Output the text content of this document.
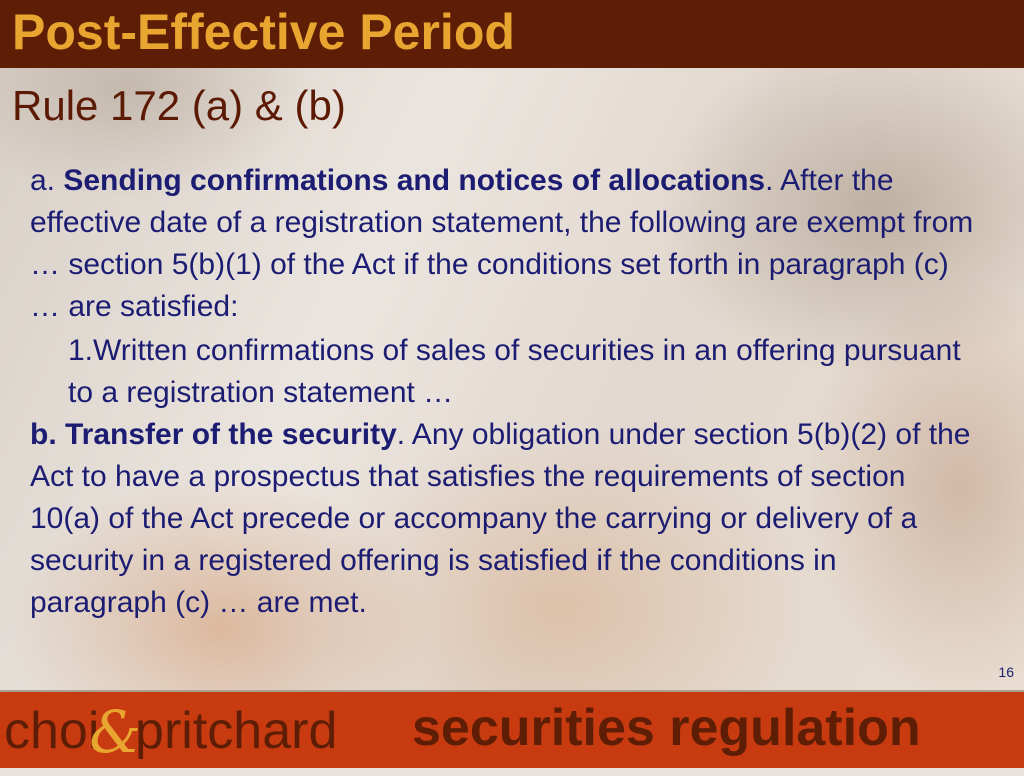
Post-Effective Period
Rule 172 (a) & (b)

a. Sending confirmations and notices of allocations. After the effective date of a registration statement, the following are exempt from … section 5(b)(1) of the Act if the conditions set forth in paragraph (c) … are satisfied:

1.Written confirmations of sales of securities in an offering pursuant to a registration statement …

b. Transfer of the security. Any obligation under section 5(b)(2) of the Act to have a prospectus that satisfies the requirements of section 10(a) of the Act precede or accompany the carrying or delivery of a security in a registered offering is satisfied if the conditions in paragraph (c) … are met.

16
choi&pritchard securities regulation
